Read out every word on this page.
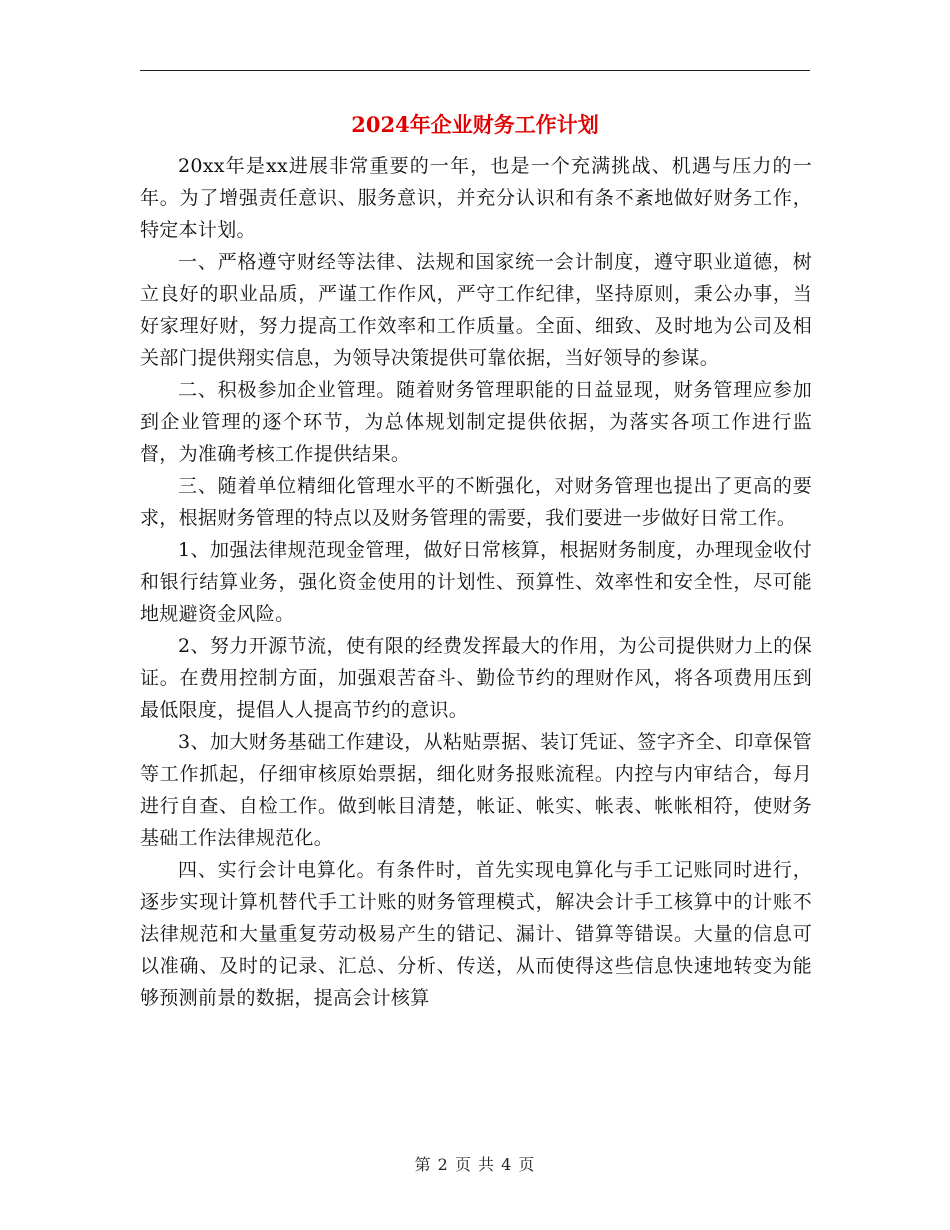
2024年企业财务工作计划

20xx年是xx进展非常重要的一年，也是一个充满挑战、机遇与压力的一年。为了增强责任意识、服务意识，并充分认识和有条不紊地做好财务工作，特定本计划。

一、严格遵守财经等法律、法规和国家统一会计制度，遵守职业道德，树立良好的职业品质，严谨工作作风，严守工作纪律，坚持原则，秉公办事，当好家理好财，努力提高工作效率和工作质量。全面、细致、及时地为公司及相关部门提供翔实信息，为领导决策提供可靠依据，当好领导的参谋。

二、积极参加企业管理。随着财务管理职能的日益显现，财务管理应参加到企业管理的逐个环节，为总体规划制定提供依据，为落实各项工作进行监督，为准确考核工作提供结果。

三、随着单位精细化管理水平的不断强化，对财务管理也提出了更高的要求，根据财务管理的特点以及财务管理的需要，我们要进一步做好日常工作。

1、加强法律规范现金管理，做好日常核算，根据财务制度，办理现金收付和银行结算业务，强化资金使用的计划性、预算性、效率性和安全性，尽可能地规避资金风险。

2、努力开源节流，使有限的经费发挥最大的作用，为公司提供财力上的保证。在费用控制方面，加强艰苦奋斗、勤俭节约的理财作风，将各项费用压到最低限度，提倡人人提高节约的意识。

3、加大财务基础工作建设，从粘贴票据、装订凭证、签字齐全、印章保管等工作抓起，仔细审核原始票据，细化财务报账流程。内控与内审结合，每月进行自查、自检工作。做到帐目清楚，帐证、帐实、帐表、帐帐相符，使财务基础工作法律规范化。

四、实行会计电算化。有条件时，首先实现电算化与手工记账同时进行，逐步实现计算机替代手工计账的财务管理模式，解决会计手工核算中的计账不法律规范和大量重复劳动极易产生的错记、漏计、错算等错误。大量的信息可以准确、及时的记录、汇总、分析、传送，从而使得这些信息快速地转变为能够预测前景的数据，提高会计核算

第 2 页 共 4 页
